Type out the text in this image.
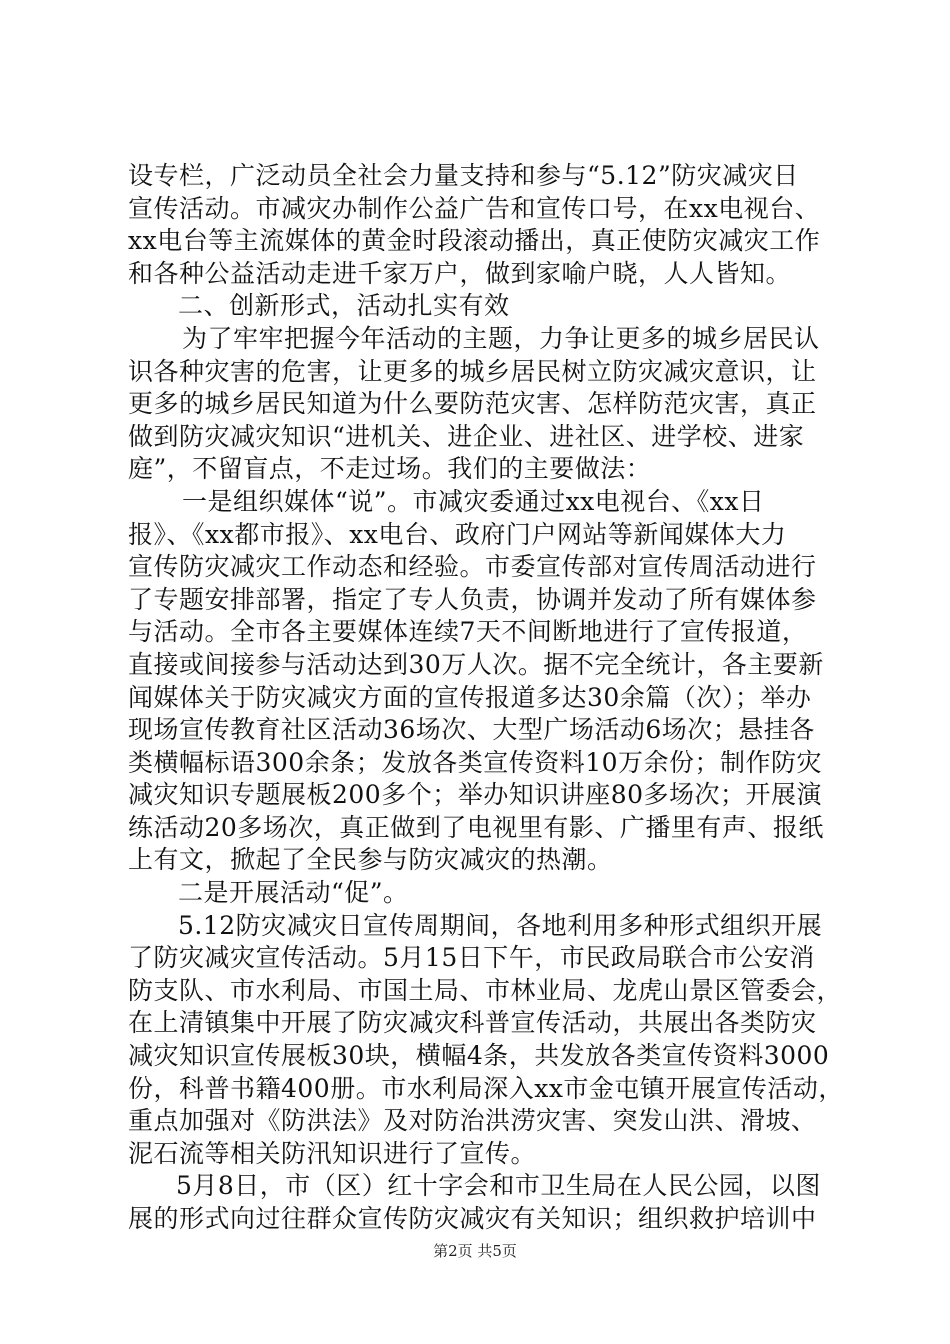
设专栏，广泛动员全社会力量支持和参与“5.12”防灾减灾日
宣传活动。市减灾办制作公益广告和宣传口号，在xx电视台、
xx电台等主流媒体的黄金时段滚动播出，真正使防灾减灾工作
和各种公益活动走进千家万户，做到家喻户晓，人人皆知。
二、创新形式，活动扎实有效
为了牢牢把握今年活动的主题，力争让更多的城乡居民认
识各种灾害的危害，让更多的城乡居民树立防灾减灾意识，让
更多的城乡居民知道为什么要防范灾害、怎样防范灾害，真正
做到防灾减灾知识“进机关、进企业、进社区、进学校、进家
庭”，不留盲点，不走过场。我们的主要做法：
一是组织媒体“说”。市减灾委通过xx电视台、《xx日
报》、《xx都市报》、xx电台、政府门户网站等新闻媒体大力
宣传防灾减灾工作动态和经验。市委宣传部对宣传周活动进行
了专题安排部署，指定了专人负责，协调并发动了所有媒体参
与活动。全市各主要媒体连续7天不间断地进行了宣传报道，
直接或间接参与活动达到30万人次。据不完全统计，各主要新
闻媒体关于防灾减灾方面的宣传报道多达30余篇（次）；举办
现场宣传教育社区活动36场次、大型广场活动6场次；悬挂各
类横幅标语300余条；发放各类宣传资料10万余份；制作防灾
减灾知识专题展板200多个；举办知识讲座80多场次；开展演
练活动20多场次，真正做到了电视里有影、广播里有声、报纸
上有文，掀起了全民参与防灾减灾的热潮。
二是开展活动“促”。
5.12防灾减灾日宣传周期间，各地利用多种形式组织开展
了防灾减灾宣传活动。5月15日下午，市民政局联合市公安消
防支队、市水利局、市国土局、市林业局、龙虎山景区管委会，
在上清镇集中开展了防灾减灾科普宣传活动，共展出各类防灾
减灾知识宣传展板30块，横幅4条，共发放各类宣传资料3000
份，科普书籍400册。市水利局深入xx市金屯镇开展宣传活动，
重点加强对《防洪法》及对防治洪涝灾害、突发山洪、滑坡、
泥石流等相关防汛知识进行了宣传。
5月8日，市（区）红十字会和市卫生局在人民公园，以图
展的形式向过往群众宣传防灾减灾有关知识；组织救护培训中
第2页 共5页
